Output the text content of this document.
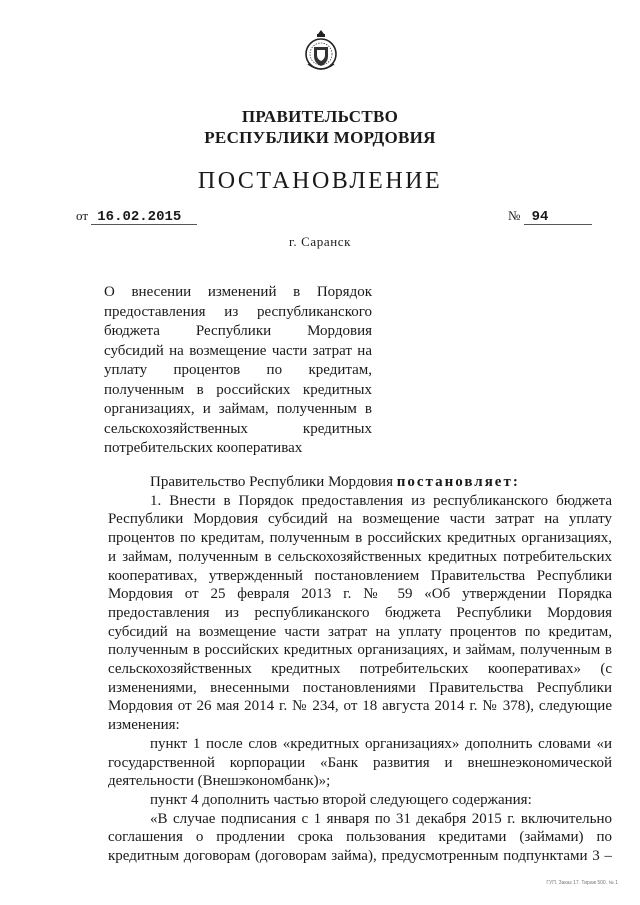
ПРАВИТЕЛЬСТВО
РЕСПУБЛИКИ МОРДОВИЯ
ПОСТАНОВЛЕНИЕ
от 16.02.2015	№ 94
г. Саранск
О внесении изменений в Порядок
предоставления из республиканского
бюджета Республики Мордовия
субсидий на возмещение части затрат на
уплату процентов по кредитам,
полученным в российских кредитных
организациях, и займам, полученным в
сельскохозяйственных кредитных
потребительских кооперативах
Правительство Республики Мордовия постановляет:
1. Внести в Порядок предоставления из республиканского бюджета
Республики Мордовия субсидий на возмещение части затрат на уплату
процентов по кредитам, полученным в российских кредитных организациях,
и займам, полученным в сельскохозяйственных кредитных потребительских
кооперативах, утвержденный постановлением Правительства Республики
Мордовия от 25 февраля 2013 г. № 59 «Об утверждении Порядка
предоставления из республиканского бюджета Республики Мордовия
субсидий на возмещение части затрат на уплату процентов по кредитам,
полученным в российских кредитных организациях, и займам, полученным в
сельскохозяйственных кредитных потребительских кооперативах» (с
изменениями, внесенными постановлениями Правительства Республики
Мордовия от 26 мая 2014 г. № 234, от 18 августа 2014 г. № 378), следующие
изменения:
пункт 1 после слов «кредитных организациях» дополнить словами «и
государственной корпорации «Банк развития и внешнеэкономической
деятельности (Внешэкономбанк)»;
пункт 4 дополнить частью второй следующего содержания:
«В случае подписания с 1 января по 31 декабря 2015 г. включительно
соглашения о продлении срока пользования кредитами (займами) по
кредитным договорам (договорам займа), предусмотренным подпунктами 3 –
ГУП. Заказ 17. Тираж 500. № 1
